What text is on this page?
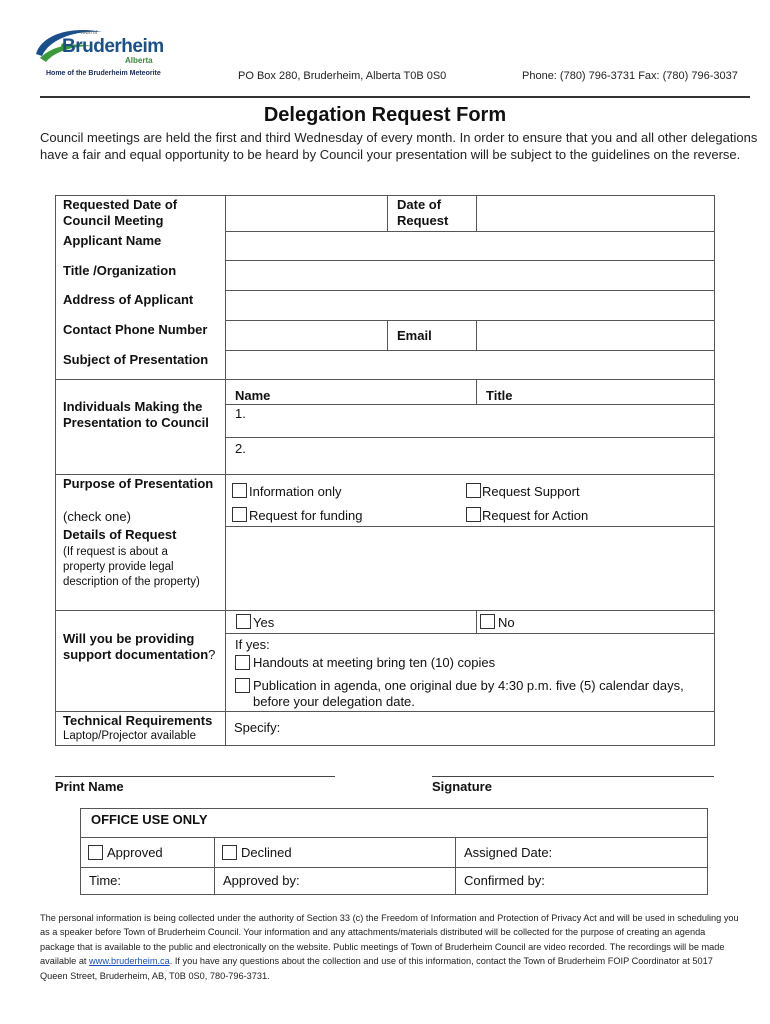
Town of
Bruderheim
Alberta
Home of the Bruderheim Meteorite	PO Box 280, Bruderheim, Alberta T0B 0S0	Phone: (780) 796-3731 Fax: (780) 796-3037
Delegation Request Form
Council meetings are held the first and third Wednesday of every month. In order to ensure that you and all other delegations have a fair and equal opportunity to be heard by Council your presentation will be subject to the guidelines on the reverse.
Requested Date of Council Meeting
Date of Request
Applicant Name
Title /Organization
Address of Applicant
Contact Phone Number	Email
Subject of Presentation
Individuals Making the Presentation to Council
Name	Title
1.
2.
Purpose of Presentation
(check one)
Information only	Request Support
Request for funding	Request for Action
Details of Request
(If request is about a property provide legal description of the property)
Will you be providing support documentation?
Yes	No
If yes:
Handouts at meeting bring ten (10) copies
Publication in agenda, one original due by 4:30 p.m. five (5) calendar days, before your delegation date.
Technical Requirements
Laptop/Projector available
Specify:
Print Name	Signature
OFFICE USE ONLY
Approved	Declined	Assigned Date:
Time:	Approved by:	Confirmed by:
The personal information is being collected under the authority of Section 33 (c) the Freedom of Information and Protection of Privacy Act and will be used in scheduling you as a speaker before Town of Bruderheim Council. Your information and any attachments/materials distributed will be collected for the purpose of creating an agenda package that is available to the public and electronically on the website. Public meetings of Town of Bruderheim Council are video recorded. The recordings will be made available at www.bruderheim.ca. If you have any questions about the collection and use of this information, contact the Town of Bruderheim FOIP Coordinator at 5017 Queen Street, Bruderheim, AB, T0B 0S0, 780-796-3731.
